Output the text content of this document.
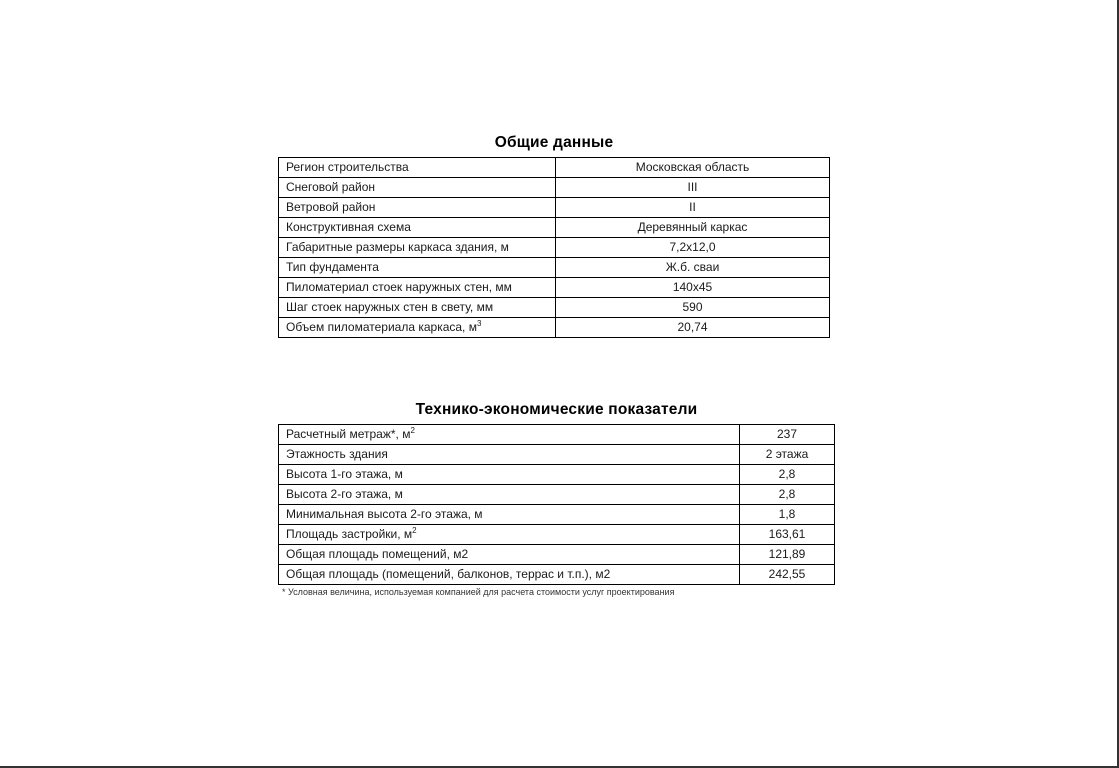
Общие данные
Регион строительства	Московская область
Снеговой район	III
Ветровой район	II
Конструктивная схема	Деревянный каркас
Габаритные размеры каркаса здания, м	7,2х12,0
Тип фундамента	Ж.б. сваи
Пиломатериал стоек наружных стен, мм	140х45
Шаг стоек наружных стен в свету, мм	590
Объем пиломатериала каркаса, $м^3$	20,74
Технико-экономические показатели
Расчетный метраж*, $м^2$	237
Этажность здания	2 этажа
Высота 1-го этажа, м	2,8
Высота 2-го этажа, м	2,8
Минимальная высота 2-го этажа, м	1,8
Площадь застройки, $м^2$	163,61
Общая площадь помещений, м2	121,89
Общая площадь (помещений, балконов, террас и т.п.), м2	242,55
* Условная величина, используемая компанией для расчета стоимости услуг проектирования
